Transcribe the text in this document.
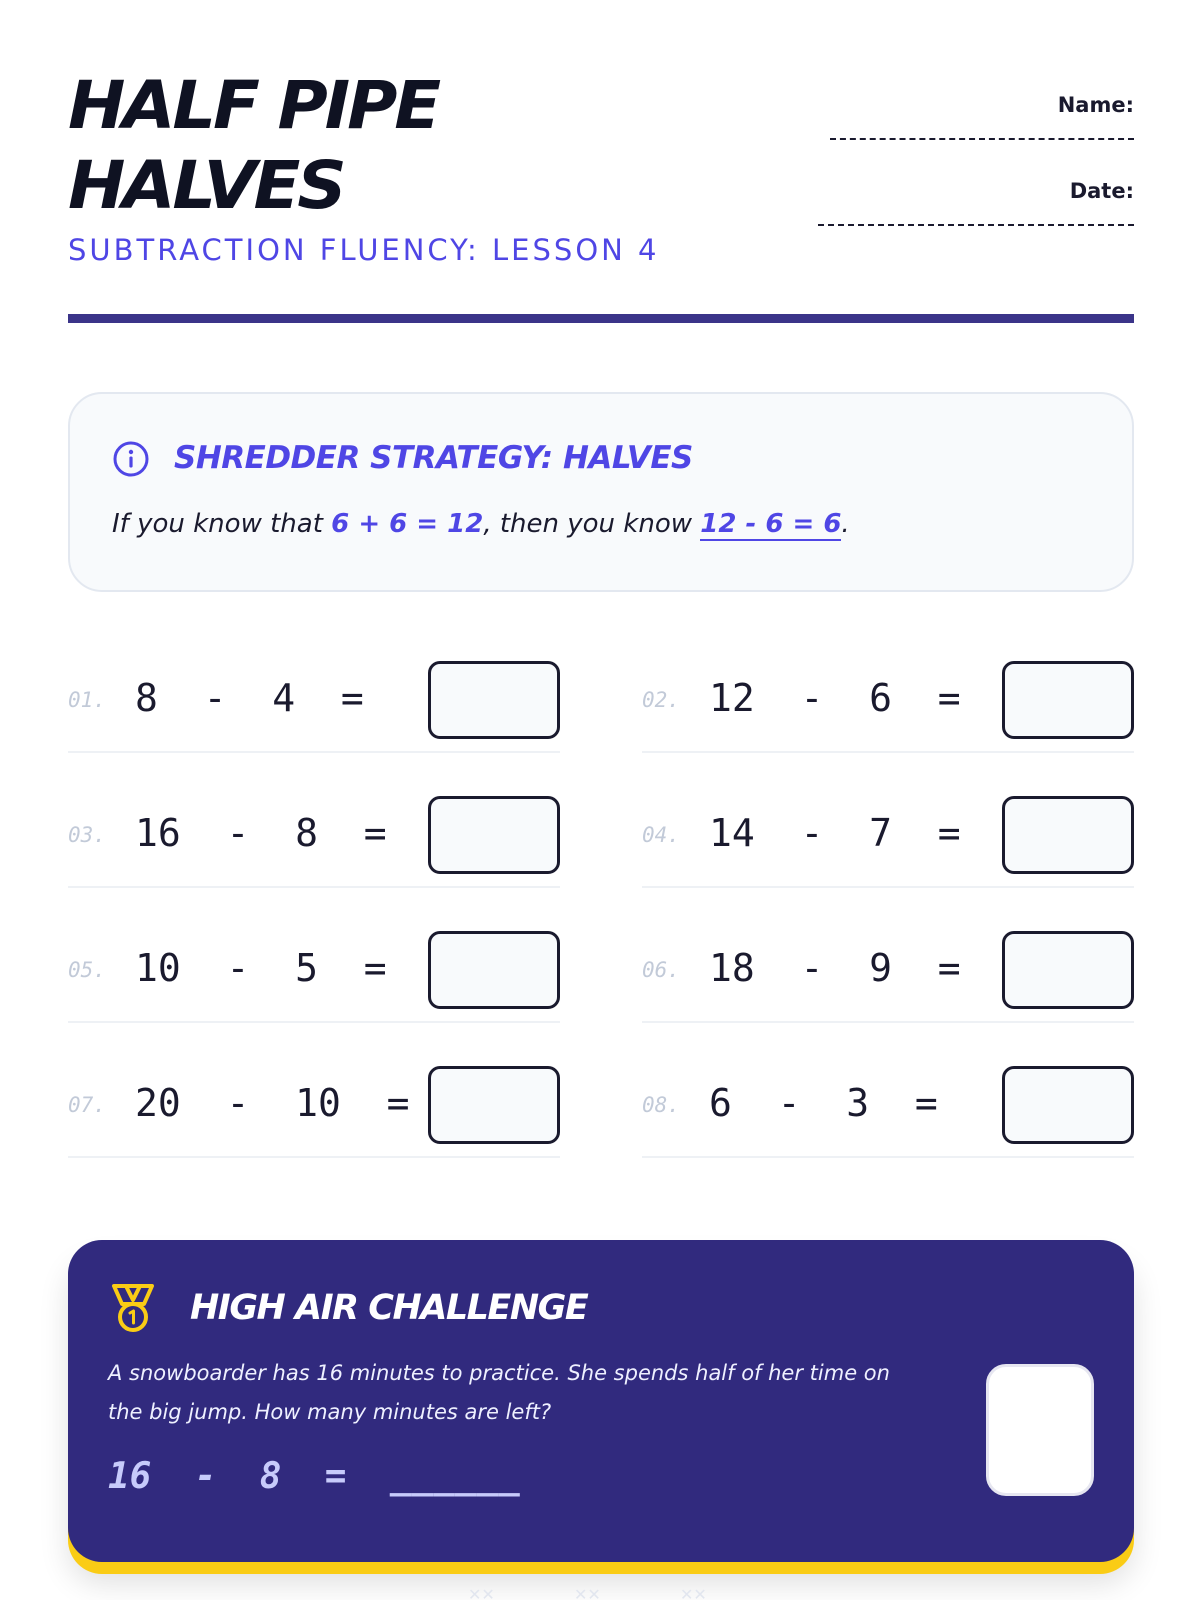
HALF PIPE
HALVES
SUBTRACTION FLUENCY: LESSON 4
Name:
Date:
SHREDDER STRATEGY: HALVES
If you know that 6 + 6 = 12, then you know 12 - 6 = 6.
01. 8  -  4  =	02. 12  -  6  =
03. 16  -  8  =	04. 14  -  7  =
05. 10  -  5  =	06. 18  -  9  =
07. 20  -  10  =	08. 6  -  3  =
HIGH AIR CHALLENGE
A snowboarder has 16 minutes to practice. She spends half of her time on the big jump. How many minutes are left?
16  -  8  =  ______
✕✕	✕✕	✕✕
